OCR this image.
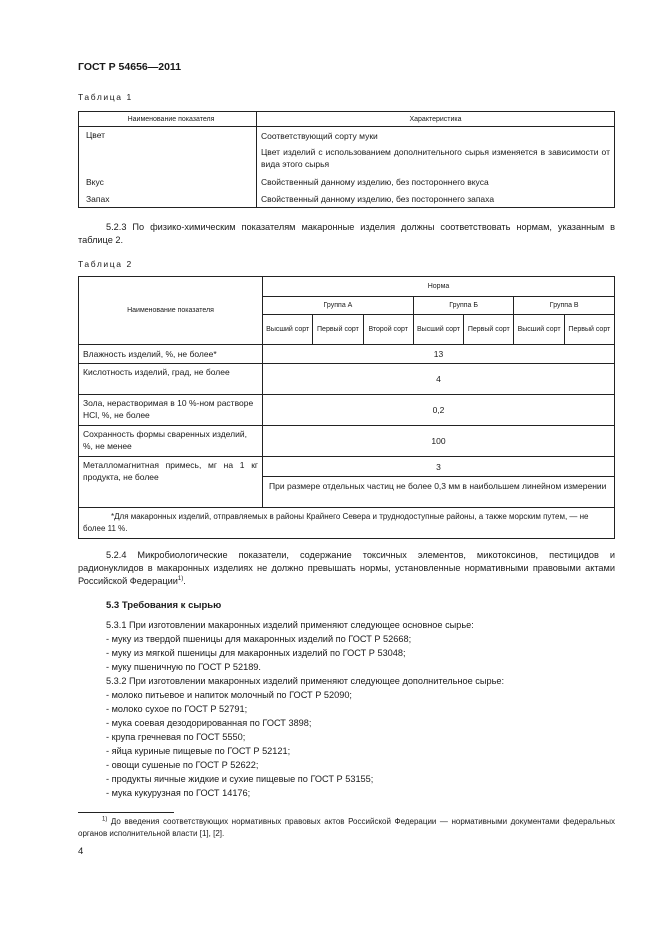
ГОСТ Р 54656—2011
Таблица 1
Наименование показателя	Характеристика
Цвет	Соответствующий сорту муки

Цвет изделий с использованием дополнительного сырья изменяется в зависимости от вида этого сырья

Вкус	Свойственный данному изделию, без постороннего вкуса
Запах	Свойственный данному изделию, без постороннего запаха
5.2.3 По физико-химическим показателям макаронные изделия должны соответствовать нормам, указанным в таблице 2.
Таблица 2
Наименование показателя	Норма						
	Группа А			Группа Б		Группа В	
	Высший сорт	Первый сорт	Второй сорт	Высший сорт	Первый сорт	Высший сорт	Первый сорт
Влажность изделий, %, не более*	13						
Кислотность изделий, град, не более	4						
Зола, нерастворимая в 10 %-ном растворе HCl, %, не более	0,2						
Сохранность формы сваренных изделий, %, не менее	100						
Металломагнитная примесь, мг на 1 кг продукта, не более	3						
	При размере отдельных частиц не более 0,3 мм в наибольшем линейном измерении						
*Для макаронных изделий, отправляемых в районы Крайнего Севера и труднодоступные районы, а также морским путем, — не более 11 %.							
5.2.4 Микробиологические показатели, содержание токсичных элементов, микотоксинов, пестицидов и радионуклидов в макаронных изделиях не должно превышать нормы, установленные нормативными правовыми актами Российской Федерации$^{1)}$.
5.3 Требования к сырью
5.3.1 При изготовлении макаронных изделий применяют следующее основное сырье:
- муку из твердой пшеницы для макаронных изделий по ГОСТ Р 52668;
- муку из мягкой пшеницы для макаронных изделий по ГОСТ Р 53048;
- муку пшеничную по ГОСТ Р 52189.
5.3.2 При изготовлении макаронных изделий применяют следующее дополнительное сырье:
- молоко питьевое и напиток молочный по ГОСТ Р 52090;
- молоко сухое по ГОСТ Р 52791;
- мука соевая дезодорированная по ГОСТ 3898;
- крупа гречневая по ГОСТ 5550;
- яйца куриные пищевые по ГОСТ Р 52121;
- овощи сушеные по ГОСТ Р 52622;
- продукты яичные жидкие и сухие пищевые по ГОСТ Р 53155;
- мука кукурузная по ГОСТ 14176;
$^{1)}$ До введения соответствующих нормативных правовых актов Российской Федерации — нормативными документами федеральных органов исполнительной власти [1], [2].
4
